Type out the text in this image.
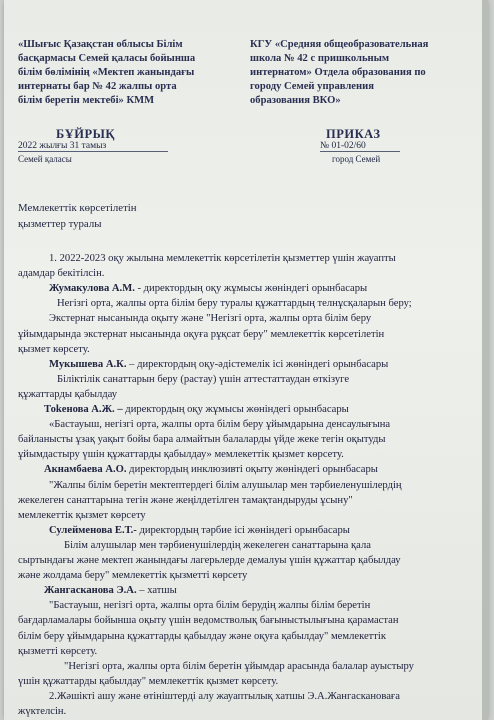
«Шығыс Қазақстан облысы Білім
басқармасы Семей қаласы бойынша
білім бөлімінің «Мектеп жанындағы
интернаты бар № 42 жалпы орта
білім беретін мектебі» КММ
КГУ «Средняя общеобразовательная
школа № 42 с пришкольным
интернатом» Отдела образования по
городу Семей управления
образования ВКО»
БҰЙРЫҚ	ПРИКАЗ
2022 жылғы 31 тамыз	№ 01-02/60
Семей қаласы	город Семей
Мемлекеттік көрсетілетін
қызметтер туралы
1. 2022-2023 оқу жылына мемлекеттік көрсетілетін қызметтер үшін жауапты
адамдар бекітілсін.
Жумакулова А.М. - директордың оқу жұмысы жөніндегі орынбасары
Негізгі орта, жалпы орта білім беру туралы құжаттардың телнұсқаларын беру;
Экстернат нысанында оқыту және "Негізгі орта, жалпы орта білім беру
ұйымдарында экстернат нысанында оқуға рұқсат беру" мемлекеттік көрсетілетін
қызмет көрсету.
Мукышева А.К. – директордың оқу-әдістемелік ісі жөніндегі орынбасары
Біліктілік санаттарын беру (растау) үшін аттестаттаудан өткізуге
құжаттарды қабылдау
Тоkенова А.Ж. – директордың оқу жұмысы жөніндегі орынбасары
«Бастауыш, негізгі орта, жалпы орта білім беру ұйымдарына денсаулығына
байланысты ұзақ уақыт бойы бара алмайтын балаларды үйде жеке тегін оқытуды
ұйымдастыру үшін құжаттарды қабылдау» мемлекеттік қызмет көрсету.
Акнамбаева А.О. директордың инклюзивті оқыту жөніндегі орынбасары
"Жалпы білім беретін мектептердегі білім алушылар мен тәрбиеленушілердің
жекелеген санаттарына тегін және жеңілдетілген тамақтандыруды ұсыну"
мемлекеттік қызмет көрсету
Сулейменова Е.Т.- директордың тәрбие ісі жөніндегі орынбасары
Білім алушылар мен тәрбиенушілердің жекелеген санаттарына қала
сыртындағы және мектеп жанындағы лагерьлерде демалуы үшін құжаттар қабылдау
және жолдама беру" мемлекеттік қызметті көрсету
Жангасканова Э.А. – хатшы
"Бастауыш, негізгі орта, жалпы орта білім берудің жалпы білім беретін
бағдарламалары бойынша оқыту үшін ведомстволық бағыныстылығына қарамастан
білім беру ұйымдарына құжаттарды қабылдау және оқуға қабылдау" мемлекеттік
қызметті көрсету.
"Негізгі орта, жалпы орта білім беретін ұйымдар арасында балалар ауыстыру
үшін құжаттарды қабылдау" мемлекеттік қызмет көрсету.
2.Жәшікті ашу және өтініштерді алу жауаптылық хатшы Э.А.Жангаскановаға
жүктелсін.
